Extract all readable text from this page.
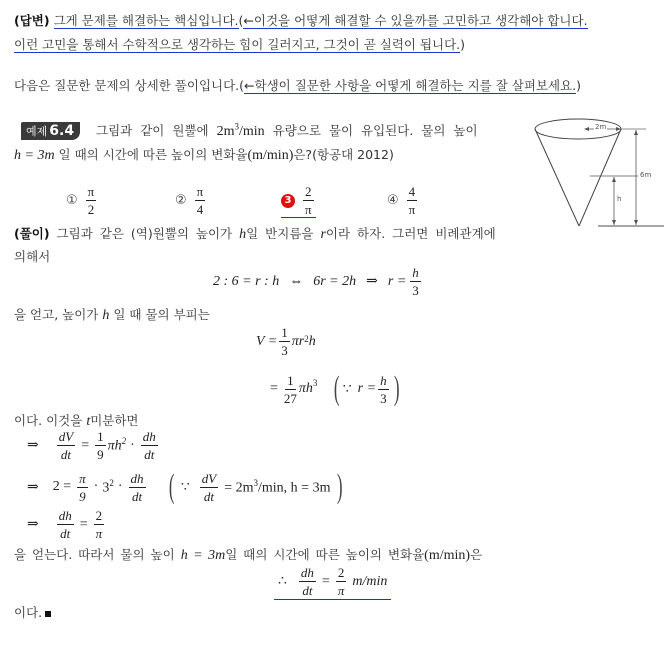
(답변) 그게 문제를 해결하는 핵심입니다.(←이것을 어떻게 해결할 수 있을까를 고민하고 생각해야 합니다.
이런 고민을 통해서 수학적으로 생각하는 힘이 길러지고, 그것이 곧 실력이 됩니다.)
다음은 질문한 문제의 상세한 풀이입니다.(←학생이 질문한 사항을 어떻게 해결하는 지를 잘 살펴보세요.)
예제 6.4 그림과 같이 원뿔에 $2m^3/\min$ 유량으로 물이 유입된다. 물의 높이
h = 3m 일 때의 시간에 따른 높이의 변화율(m/min)은?(항공대 2012)
① $\frac{\pi}{2}$	② $\frac{\pi}{4}$	$3 \frac{2}{\pi}$	④ $\frac{4}{\pi}$
2m
6m
h
(풀이) 그림과 같은 (역)원뿔의 높이가 h일 반지름을 r이라 하자. 그러면 비례관계에
의해서
2 : 6 = r : h ⇔ 6r = 2h ⇒ $r = \frac{h}{3}$
을 얻고, 높이가 h 일 때 물의 부피는
$V = \frac{1}{3}$ πr 2 h
= $\frac{1}{27} \pi h^3$ ( ∵ $r = \frac{h}{3}$ )
이다. 이것을 t미분하면
⇒ $\frac{dV}{dt} = \frac{1}{9} \pi h^2 \cdot \frac{dh}{dt}$
⇒ $2 = \frac{\pi}{9} \cdot 3^2 \cdot \frac{dh}{dt}$ ( ∵ $\frac{dV}{dt} = 2m^3/\min$, h = 3m )
⇒ $\frac{dh}{dt} = \frac{2}{\pi}$
을 얻는다. 따라서 물의 높이 h = 3m일 때의 시간에 따른 높이의 변화율(m/min)은
∴ $\frac{dh}{dt} = \frac{2}{\pi} m/\min$
이다.
